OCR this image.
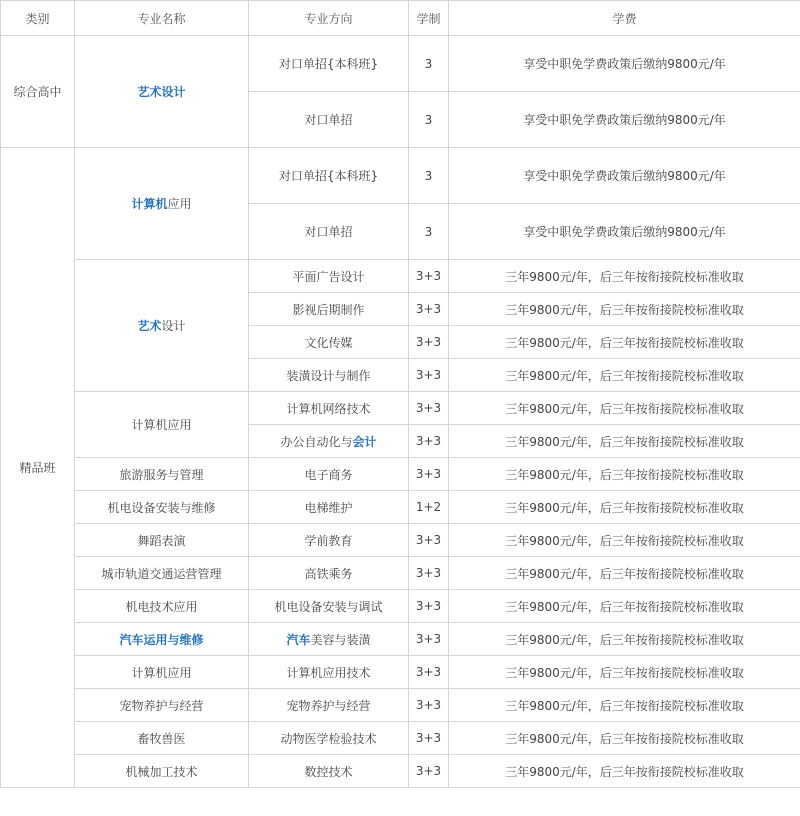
类别	专业名称	专业方向	学制	学费
综合高中	艺术设计	对口单招{本科班}	3	享受中职免学费政策后缴纳9800元/年
		对口单招	3	享受中职免学费政策后缴纳9800元/年
精品班	计算机应用	对口单招{本科班}	3	享受中职免学费政策后缴纳9800元/年
		对口单招	3	享受中职免学费政策后缴纳9800元/年
	艺术设计	平面广告设计	3+3	三年9800元/年，后三年按衔接院校标准收取
		影视后期制作	3+3	三年9800元/年，后三年按衔接院校标准收取
		文化传媒	3+3	三年9800元/年，后三年按衔接院校标准收取
		装潢设计与制作	3+3	三年9800元/年，后三年按衔接院校标准收取
	计算机应用	计算机网络技术	3+3	三年9800元/年，后三年按衔接院校标准收取
		办公自动化与会计	3+3	三年9800元/年，后三年按衔接院校标准收取
	旅游服务与管理	电子商务	3+3	三年9800元/年，后三年按衔接院校标准收取
	机电设备安装与维修	电梯维护	1+2	三年9800元/年，后三年按衔接院校标准收取
	舞蹈表演	学前教育	3+3	三年9800元/年，后三年按衔接院校标准收取
	城市轨道交通运营管理	高铁乘务	3+3	三年9800元/年，后三年按衔接院校标准收取
	机电技术应用	机电设备安装与调试	3+3	三年9800元/年，后三年按衔接院校标准收取
	汽车运用与维修	汽车美容与装潢	3+3	三年9800元/年，后三年按衔接院校标准收取
	计算机应用	计算机应用技术	3+3	三年9800元/年，后三年按衔接院校标准收取
	宠物养护与经营	宠物养护与经营	3+3	三年9800元/年，后三年按衔接院校标准收取
	畜牧兽医	动物医学检验技术	3+3	三年9800元/年，后三年按衔接院校标准收取
	机械加工技术	数控技术	3+3	三年9800元/年，后三年按衔接院校标准收取
